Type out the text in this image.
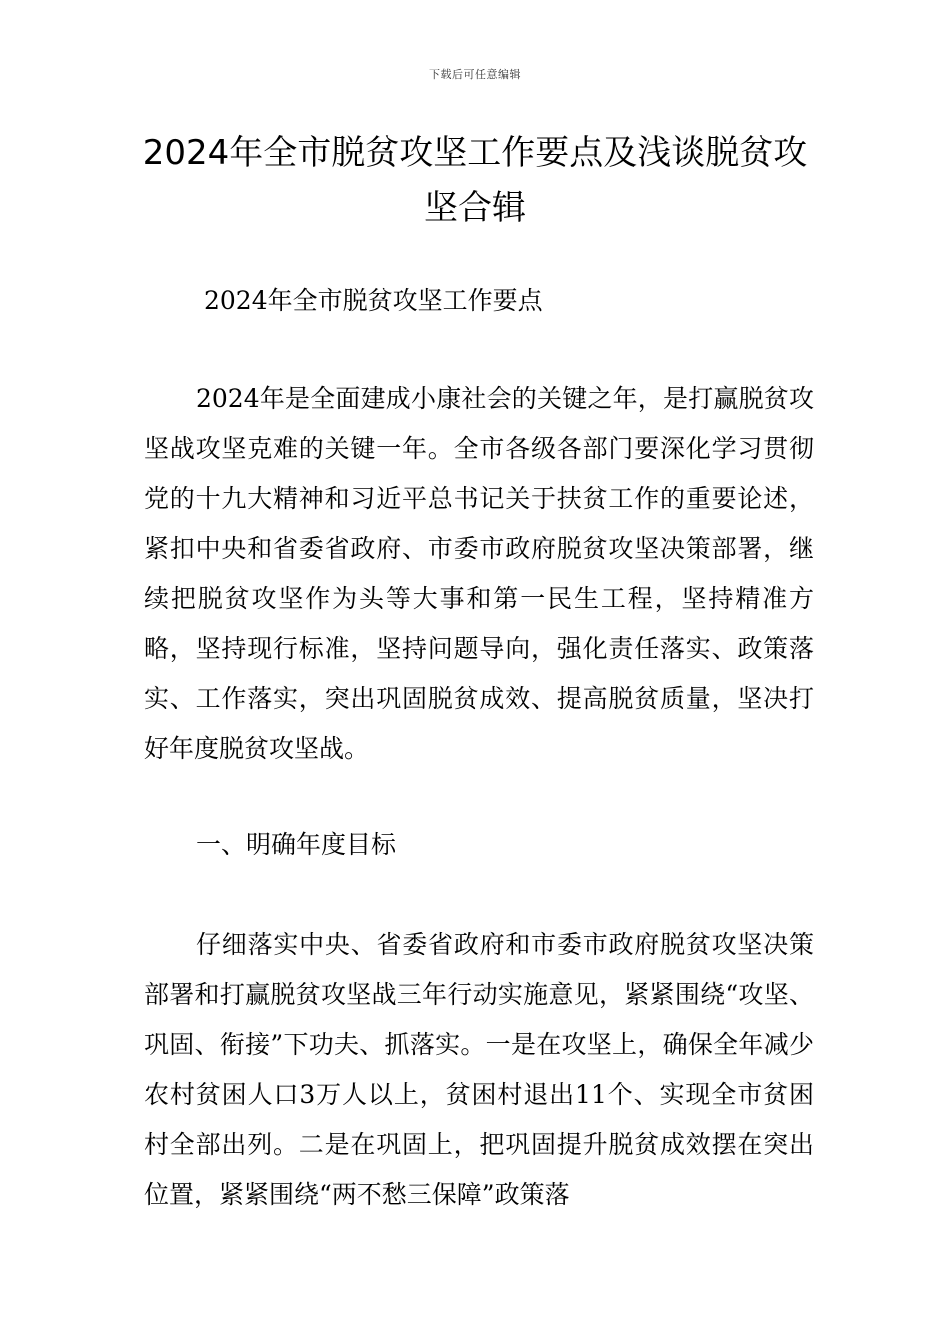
下载后可任意编辑
2024年全市脱贫攻坚工作要点及浅谈脱贫攻坚合辑

2024年全市脱贫攻坚工作要点

2024年是全面建成小康社会的关键之年，是打赢脱贫攻坚战攻坚克难的关键一年。全市各级各部门要深化学习贯彻党的十九大精神和习近平总书记关于扶贫工作的重要论述，紧扣中央和省委省政府、市委市政府脱贫攻坚决策部署，继续把脱贫攻坚作为头等大事和第一民生工程，坚持精准方略，坚持现行标准，坚持问题导向，强化责任落实、政策落实、工作落实，突出巩固脱贫成效、提高脱贫质量，坚决打好年度脱贫攻坚战。

一、明确年度目标

仔细落实中央、省委省政府和市委市政府脱贫攻坚决策部署和打赢脱贫攻坚战三年行动实施意见，紧紧围绕“攻坚、巩固、衔接”下功夫、抓落实。一是在攻坚上，确保全年减少农村贫困人口3万人以上，贫困村退出11个、实现全市贫困村全部出列。二是在巩固上，把巩固提升脱贫成效摆在突出位置，紧紧围绕“两不愁三保障”政策落
